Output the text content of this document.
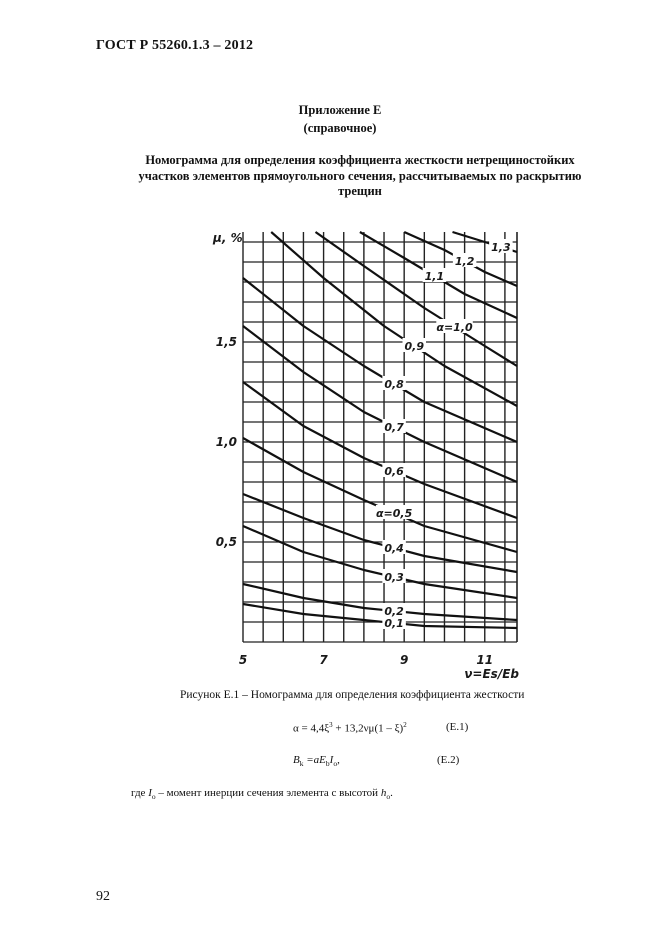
ГОСТ Р 55260.1.3 – 2012
Приложение Е
(справочное)
Номограмма для определения коэффициента жесткости нетрещиностойких
участков элементов прямоугольного сечения, рассчитываемых по раскрытию
трещин
0,1
0,2
0,3
0,4
α=0,5
0,6
0,7
0,8
0,9
α=1,0
1,1
1,2
1,3
0,5
1,0
1,5
5	7	9	11
μ, %
ν=Es/Eb
Рисунок Е.1 – Номограмма для определения коэффициента жесткости
$\alpha = 4,4\xi^3 + 13,2\nu\mu(1 - \xi)^2$	(Е.1)
$B_k =aE_bI_o$,	(Е.2)
где $I_o$ – момент инерции сечения элемента с высотой $h_o$.
92
